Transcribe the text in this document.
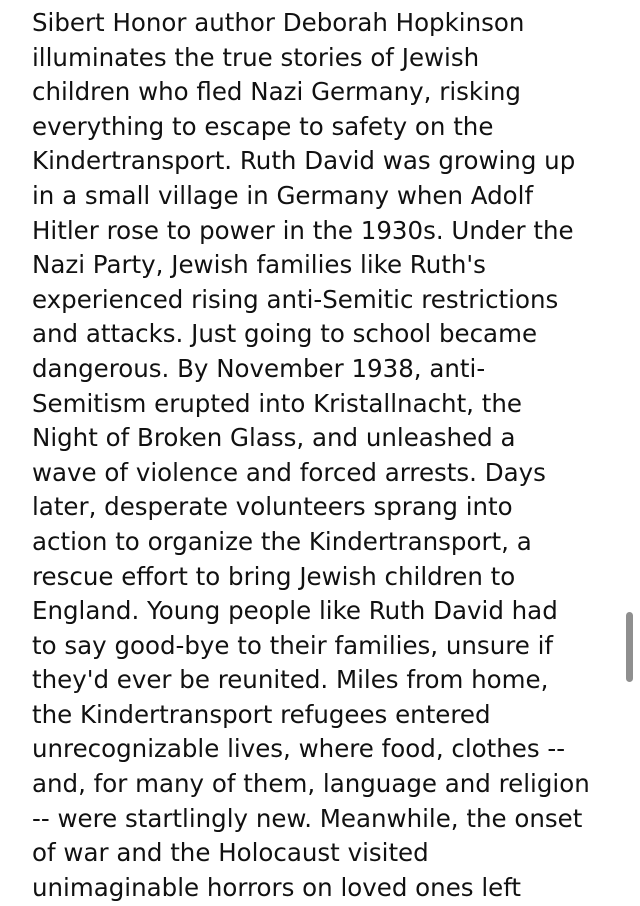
Sibert Honor author Deborah Hopkinson
illuminates the true stories of Jewish
children who fled Nazi Germany, risking
everything to escape to safety on the
Kindertransport. Ruth David was growing up
in a small village in Germany when Adolf
Hitler rose to power in the 1930s. Under the
Nazi Party, Jewish families like Ruth's
experienced rising anti-Semitic restrictions
and attacks. Just going to school became
dangerous. By November 1938, anti-
Semitism erupted into Kristallnacht, the
Night of Broken Glass, and unleashed a
wave of violence and forced arrests. Days
later, desperate volunteers sprang into
action to organize the Kindertransport, a
rescue effort to bring Jewish children to
England. Young people like Ruth David had
to say good-bye to their families, unsure if
they'd ever be reunited. Miles from home,
the Kindertransport refugees entered
unrecognizable lives, where food, clothes --
and, for many of them, language and religion
-- were startlingly new. Meanwhile, the onset
of war and the Holocaust visited
unimaginable horrors on loved ones left
